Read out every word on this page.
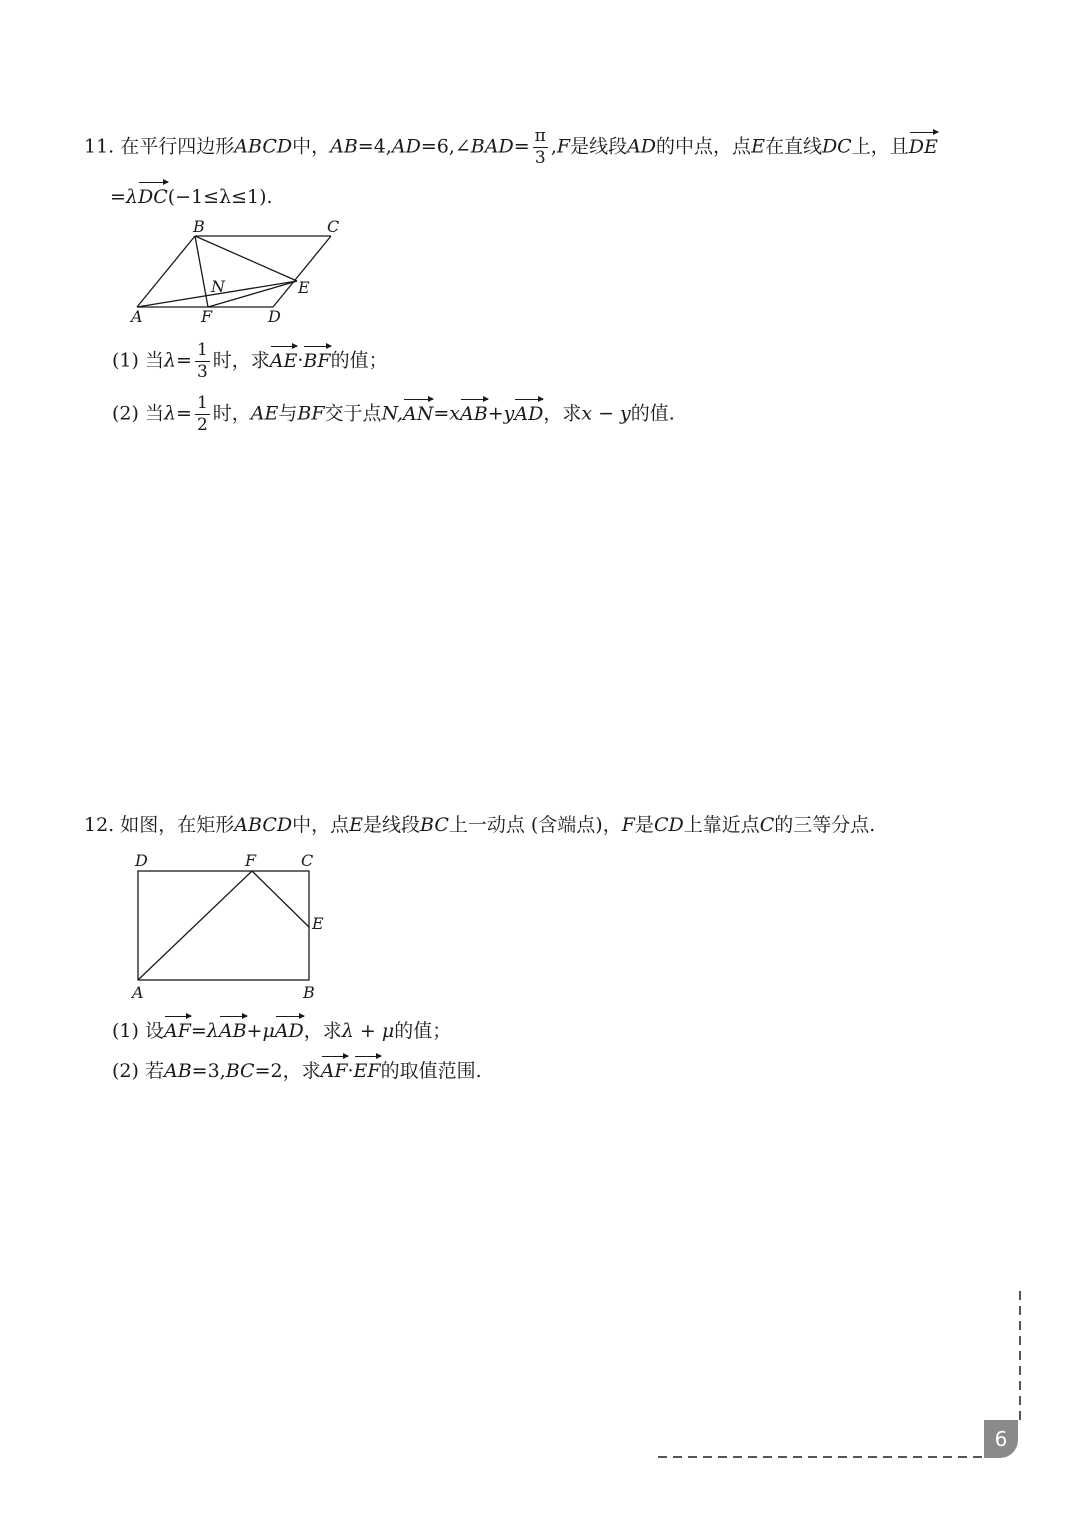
11. 在平行四边形ABCD中，AB=4,AD=6,∠BAD= $\frac{\pi}{3} ,F$是线段AD的中点，点E在直线DC上，且DE
=λDC(−1≤λ≤1).
B	C
N	E
A	F	D
(1) 当$\lambda= \frac{1}{3}$ 时，求AE·BF的值；
(2) 当$\lambda= \frac{1}{2}$ 时，AE与BF交于点N,AN=xAB+yAD，求x − y的值.
12. 如图，在矩形ABCD中，点E是线段BC上一动点 (含端点)，F是CD上靠近点C的三等分点.
D	F	C
E
A	B
(1) 设AF=λAB+μAD，求λ + μ的值；
(2) 若AB=3,BC=2，求AF·EF的取值范围.
6
